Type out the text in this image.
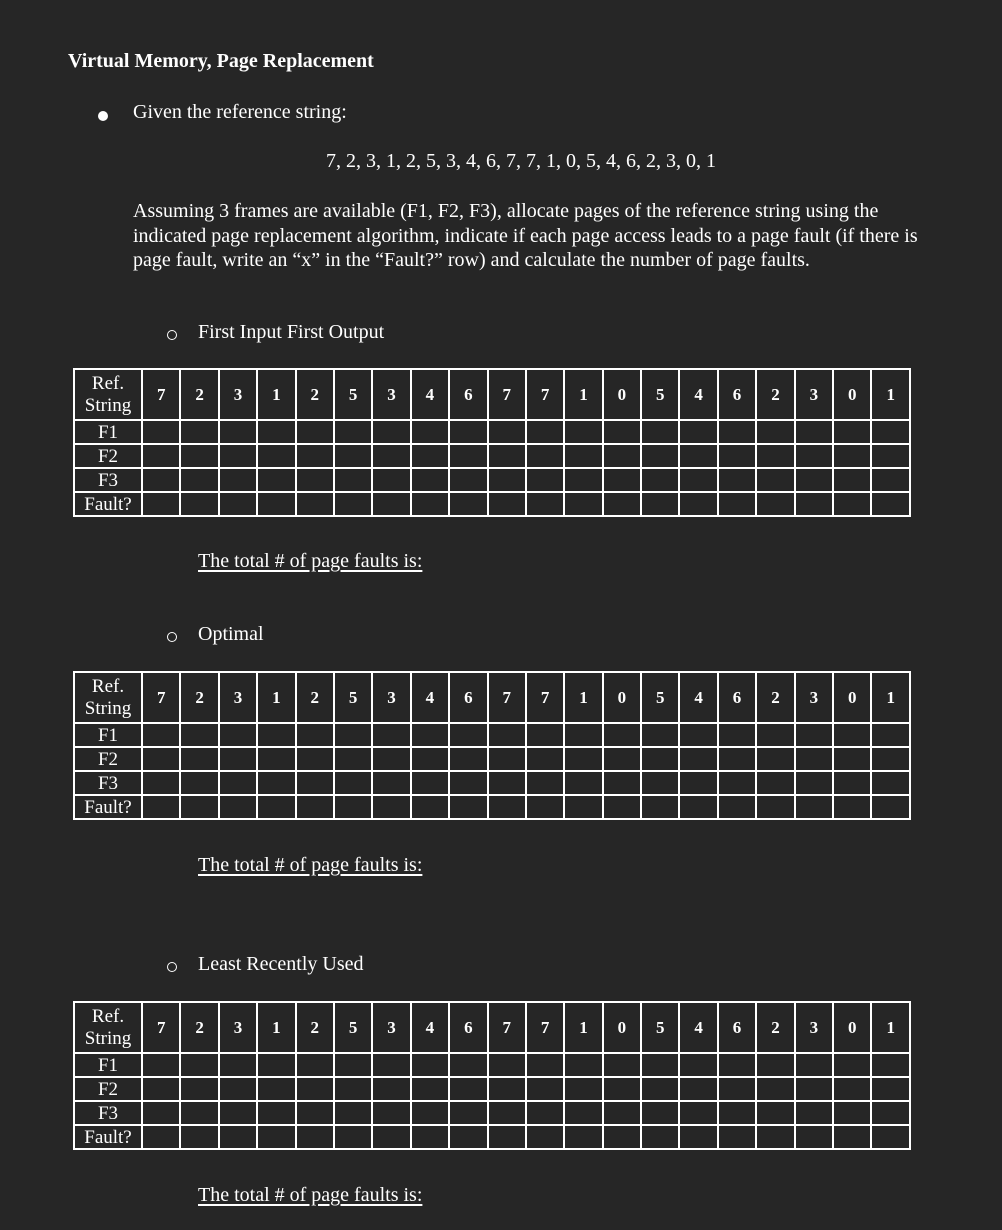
Virtual Memory, Page Replacement
Given the reference string:
7, 2, 3, 1, 2, 5, 3, 4, 6, 7, 7, 1, 0, 5, 4, 6, 2, 3, 0, 1
Assuming 3 frames are available (F1, F2, F3), allocate pages of the reference string using the indicated page replacement algorithm, indicate if each page access leads to a page fault (if there is page fault, write an “x” in the “Fault?” row) and calculate the number of page faults.
First Input First Output
Ref.
String	7	2	3	1	2	5	3	4	6	7	7	1	0	5	4	6	2	3	0	1
F1																				
F2																				
F3																				
Fault?																				
The total # of page faults is:
Optimal
Ref.
String	7	2	3	1	2	5	3	4	6	7	7	1	0	5	4	6	2	3	0	1
F1																				
F2																				
F3																				
Fault?																				
The total # of page faults is:
Least Recently Used
Ref.
String	7	2	3	1	2	5	3	4	6	7	7	1	0	5	4	6	2	3	0	1
F1																				
F2																				
F3																				
Fault?																				
The total # of page faults is:
